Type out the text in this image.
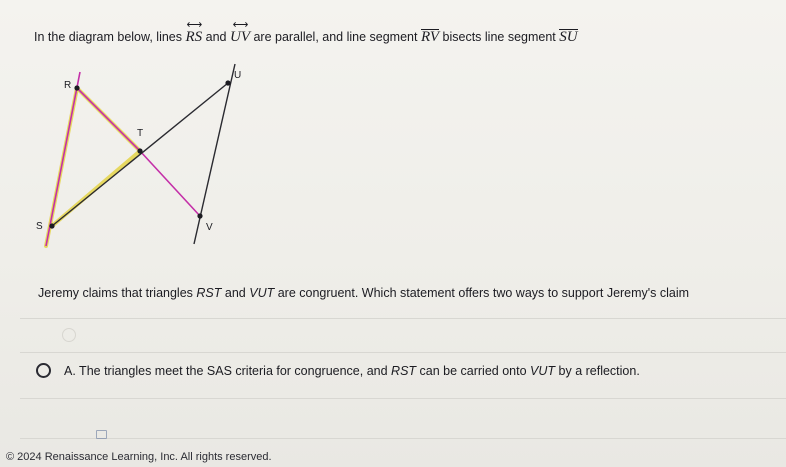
In the diagram below, lines
⟷
RS and
⟷
UV are parallel, and line segment RV bisects line segment SU
R
U
T
S	V
Jeremy claims that triangles RST and VUT are congruent. Which statement offers two ways to support Jeremy's claim
A. The triangles meet the SAS criteria for congruence, and RST can be carried onto VUT by a reflection.
© 2024 Renaissance Learning, Inc. All rights reserved.
